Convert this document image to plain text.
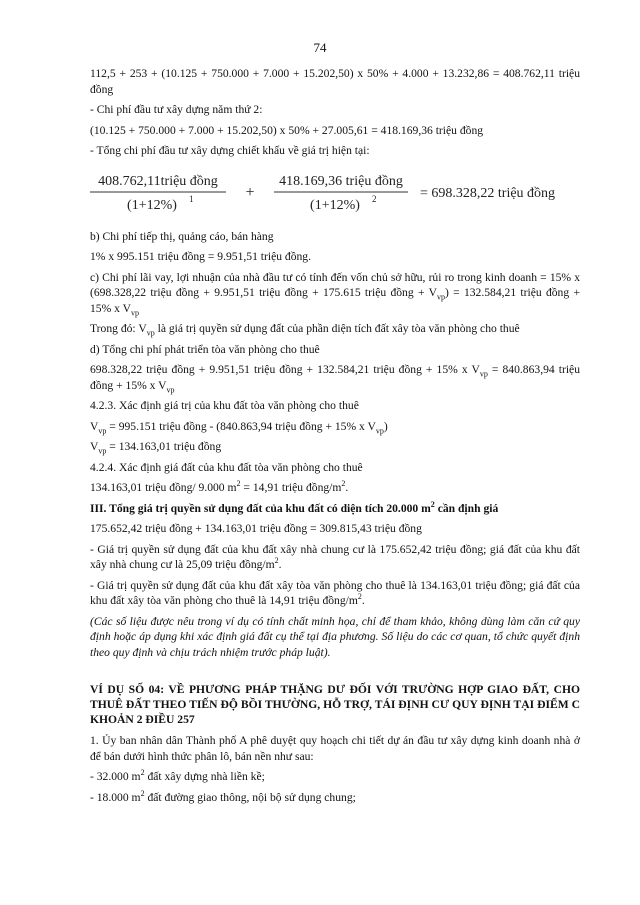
74

112,5 + 253 + (10.125 + 750.000 + 7.000 + 15.202,50) x 50% + 4.000 + 13.232,86 = 408.762,11 triệu đồng

- Chi phí đầu tư xây dựng năm thứ 2:

(10.125 + 750.000 + 7.000 + 15.202,50) x 50% + 27.005,61 = 418.169,36 triệu đồng

- Tổng chi phí đầu tư xây dựng chiết khấu về giá trị hiện tại:

408.762,11triệu đồng
(1+12%) 1	+
418.169,36 triệu đồng
(1+12%) 2	= 698.328,22 triệu đồng

b) Chi phí tiếp thị, quảng cáo, bán hàng

1% x 995.151 triệu đồng = 9.951,51 triệu đồng.

c) Chi phí lãi vay, lợi nhuận của nhà đầu tư có tính đến vốn chủ sở hữu, rủi ro trong kinh doanh = 15% x (698.328,22 triệu đồng + 9.951,51 triệu đồng + 175.615 triệu đồng + $V_{vp}) = 132.584,21$ triệu đồng + 15% x $V_{vp}$

Trong đó: $V_{vp}$ là giá trị quyền sử dụng đất của phần diện tích đất xây tòa văn phòng cho thuê

d) Tổng chi phí phát triển tòa văn phòng cho thuê

698.328,22 triệu đồng + 9.951,51 triệu đồng + 132.584,21 triệu đồng + 15% x $V_{vp} = 840.863,94$ triệu đồng + 15% x $V_{vp}$

4.2.3. Xác định giá trị của khu đất tòa văn phòng cho thuê

$V_{vp} = 995.151$ triệu đồng - (840.863,94 triệu đồng + 15% x $V_{vp}$)

$V_{vp} = 134.163,01$ triệu đồng

4.2.4. Xác định giá đất của khu đất tòa văn phòng cho thuê

134.163,01 triệu đồng/ 9.000 $m^2 = 14,91$ triệu đồng/$m^2$.

III. Tổng giá trị quyền sử dụng đất của khu đất có diện tích 20.000 $m^2$ cần định giá

175.652,42 triệu đồng + 134.163,01 triệu đồng = 309.815,43 triệu đồng

- Giá trị quyền sử dụng đất của khu đất xây nhà chung cư là 175.652,42 triệu đồng; giá đất của khu đất xây nhà chung cư là 25,09 triệu đồng/$m^2$.

- Giá trị quyền sử dụng đất của khu đất xây tòa văn phòng cho thuê là 134.163,01 triệu đồng; giá đất của khu đất xây tòa văn phòng cho thuê là 14,91 triệu đồng/$m^2$.

(Các số liệu được nêu trong ví dụ có tính chất minh họa, chỉ để tham khảo, không dùng làm căn cứ quy định hoặc áp dụng khi xác định giá đất cụ thể tại địa phương. Số liệu do các cơ quan, tổ chức quyết định theo quy định và chịu trách nhiệm trước pháp luật).

VÍ DỤ SỐ 04: VỀ PHƯƠNG PHÁP THẶNG DƯ ĐỐI VỚI TRƯỜNG HỢP GIAO ĐẤT, CHO THUÊ ĐẤT THEO TIẾN ĐỘ BỒI THƯỜNG, HỖ TRỢ, TÁI ĐỊNH CƯ QUY ĐỊNH TẠI ĐIỂM C KHOẢN 2 ĐIỀU 257

1. Ủy ban nhân dân Thành phố A phê duyệt quy hoạch chi tiết dự án đầu tư xây dựng kinh doanh nhà ở để bán dưới hình thức phân lô, bán nền như sau:

- 32.000 $m^2$ đất xây dựng nhà liền kề;

- 18.000 $m^2$ đất đường giao thông, nội bộ sử dụng chung;
